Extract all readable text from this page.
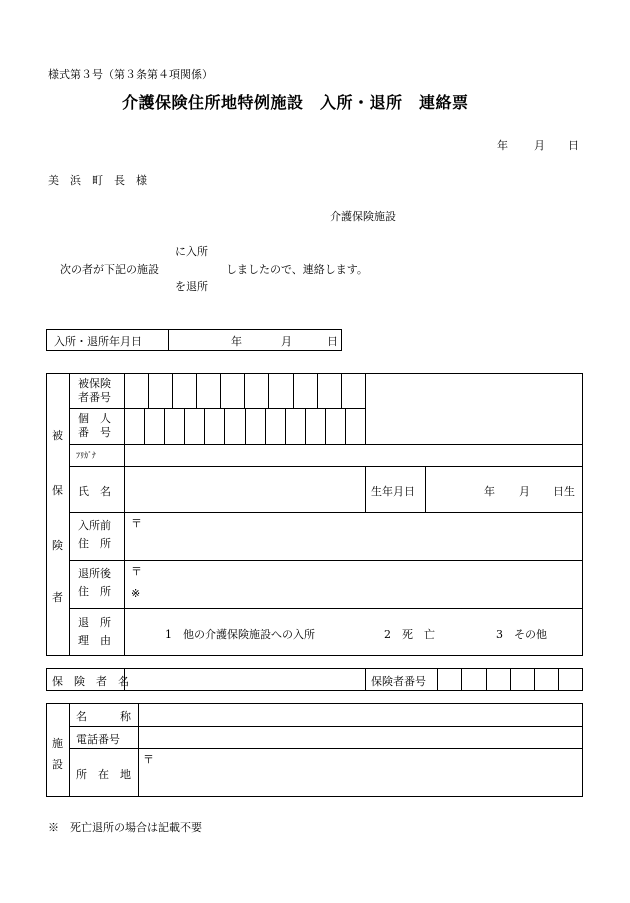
様式第３号（第３条第４項関係）
介護保険住所地特例施設　入所・退所　連絡票
年 月 日
美　浜　町　長　様
介護保険施設
に入所
次の者が下記の施設	しましたので、連絡します。
を退所
入所・退所年月日	年	月	日
被
保
険
者
被保険
者番号
個　人
番　号
ﾌﾘｶﾞﾅ
氏　名	生年月日	年 月 日生
入所前
住　所
〒
退所後
住　所
〒
※
退　所
理　由	1　他の介護保険施設への入所	2　死　亡	3　その他
保　険　者　名	保険者番号
施
設
名　　　称
電話番号
所　在　地
〒
※　死亡退所の場合は記載不要
